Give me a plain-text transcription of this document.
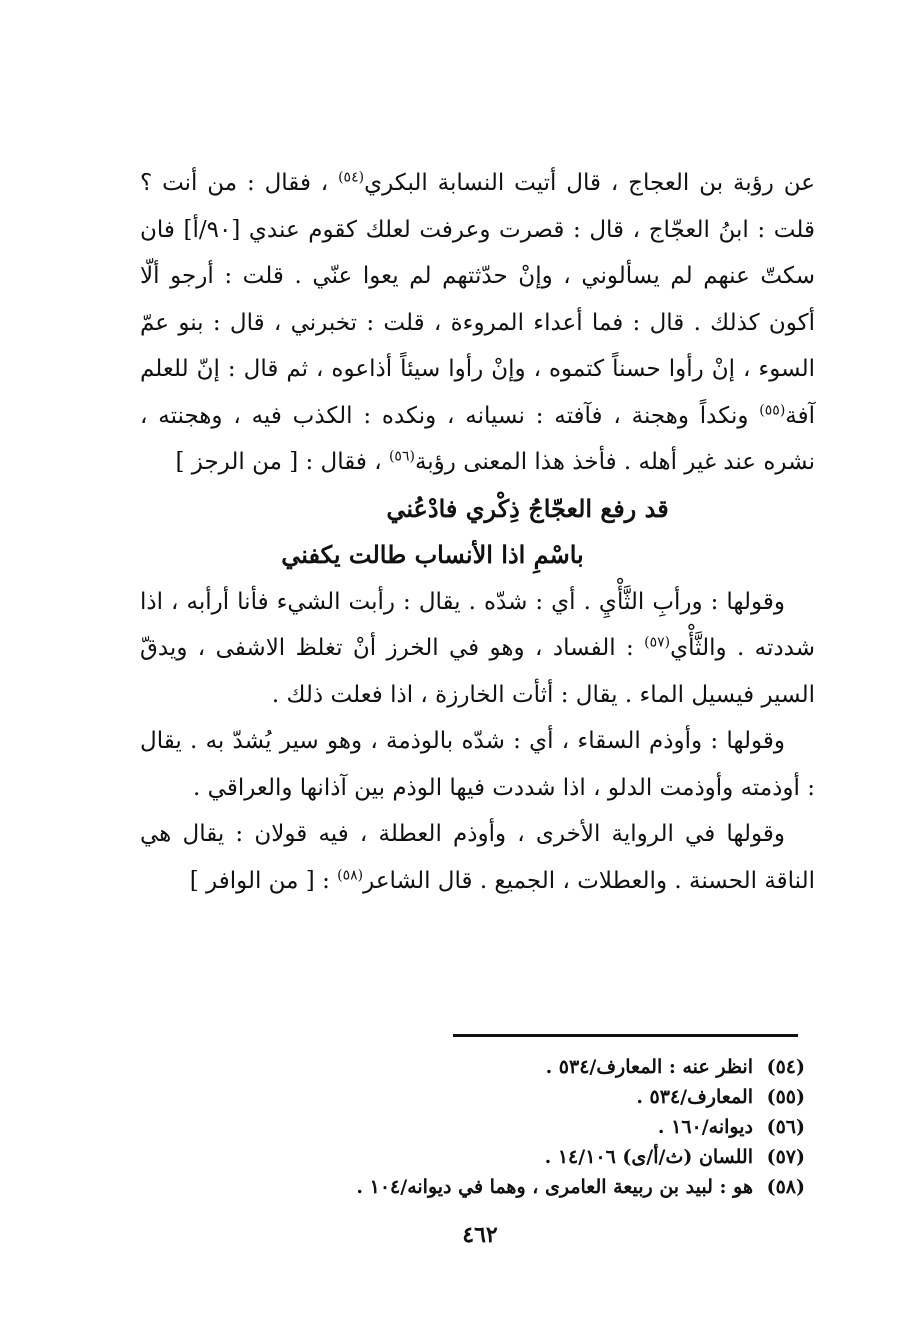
عن رؤبة بن العجاج ، قال أتيت النسابة البكري$^{(٥٤)}$ ، فقال : من أنت ؟ قلت : ابنُ العجّاج ، قال : قصرت وعرفت لعلك كقوم عندي [٩٠/أ] فان سكتّ عنهم لم يسألوني ، وإنْ حدّثتهم لم يعوا عنّي . قلت : أرجو ألّا أكون كذلك . قال : فما أعداء المروءة ، قلت : تخبرني ، قال : بنو عمّ السوء ، إنْ رأوا حسناً كتموه ، وإنْ رأوا سيئاً أذاعوه ، ثم قال : إنّ للعلم آفة$^{(٥٥)}$ ونكداً وهجنة ، فآفته : نسيانه ، ونكده : الكذب فيه ، وهجنته ، نشره عند غير أهله . فأخذ هذا المعنى رؤبة$^{(٥٦)}$ ، فقال : [ من الرجز ]

قد رفع العجّاجُ ذِكْري فادْعُني

باسْمِ اذا الأنساب طالت يكفني

وقولها : ورأبِ الثَّأْيِ . أي : شدّه . يقال : رأبت الشيء فأنا أرأبه ، اذا شددته . والثَّأْي$^{(٥٧)}$ : الفساد ، وهو في الخرز أنْ تغلظ الاشفى ، ويدقّ السير فيسيل الماء . يقال : أثأت الخارزة ، اذا فعلت ذلك .

وقولها : وأوذم السقاء ، أي : شدّه بالوذمة ، وهو سير يُشدّ به . يقال : أوذمته وأوذمت الدلو ، اذا شددت فيها الوذم بين آذانها والعراقي .

وقولها في الرواية الأخرى ، وأوذم العطلة ، فيه قولان : يقال هي الناقة الحسنة . والعطلات ، الجميع . قال الشاعر$^{(٥٨)}$ : [ من الوافر ]

(٥٤)
انظر عنه : المعارف/٥٣٤ .
(٥٥)
المعارف/٥٣٤ .
(٥٦)
ديوانه/١٦٠ .
(٥٧)
اللسان (ث/أ/ى) ١٤/١٠٦ .
(٥٨)
هو : لبيد بن ربيعة العامرى ، وهما في ديوانه/١٠٤ .
٤٦٢
